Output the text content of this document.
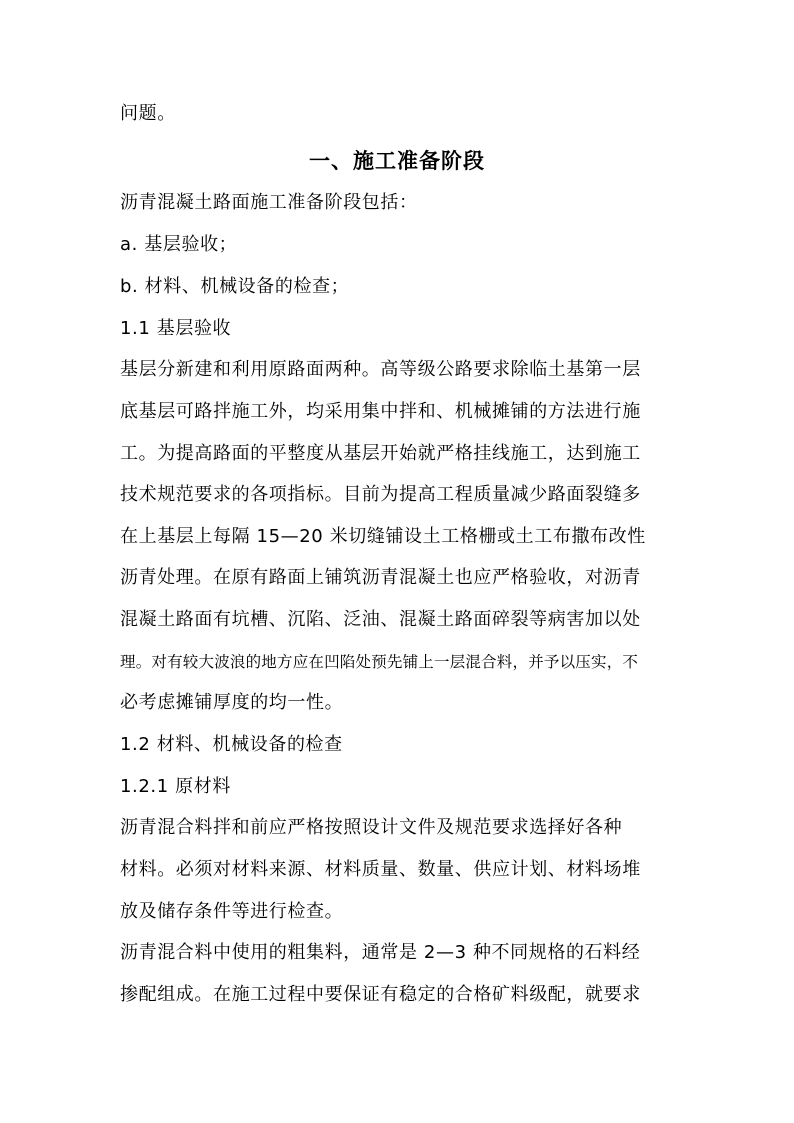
问题。
一、施工准备阶段
沥青混凝土路面施工准备阶段包括：
a. 基层验收；
b. 材料、机械设备的检查；
1.1 基层验收
基层分新建和利用原路面两种。高等级公路要求除临土基第一层
底基层可路拌施工外，均采用集中拌和、机械摊铺的方法进行施
工。为提高路面的平整度从基层开始就严格挂线施工，达到施工
技术规范要求的各项指标。目前为提高工程质量减少路面裂缝多
在上基层上每隔 15—20 米切缝铺设土工格栅或土工布撒布改性
沥青处理。在原有路面上铺筑沥青混凝土也应严格验收，对沥青
混凝土路面有坑槽、沉陷、泛油、混凝土路面碎裂等病害加以处
理。对有较大波浪的地方应在凹陷处预先铺上一层混合料，并予以压实，不
必考虑摊铺厚度的均一性。
1.2 材料、机械设备的检查
1.2.1 原材料
沥青混合料拌和前应严格按照设计文件及规范要求选择好各种
材料。必须对材料来源、材料质量、数量、供应计划、材料场堆
放及储存条件等进行检查。
沥青混合料中使用的粗集料，通常是 2—3 种不同规格的石料经
掺配组成。在施工过程中要保证有稳定的合格矿料级配，就要求
